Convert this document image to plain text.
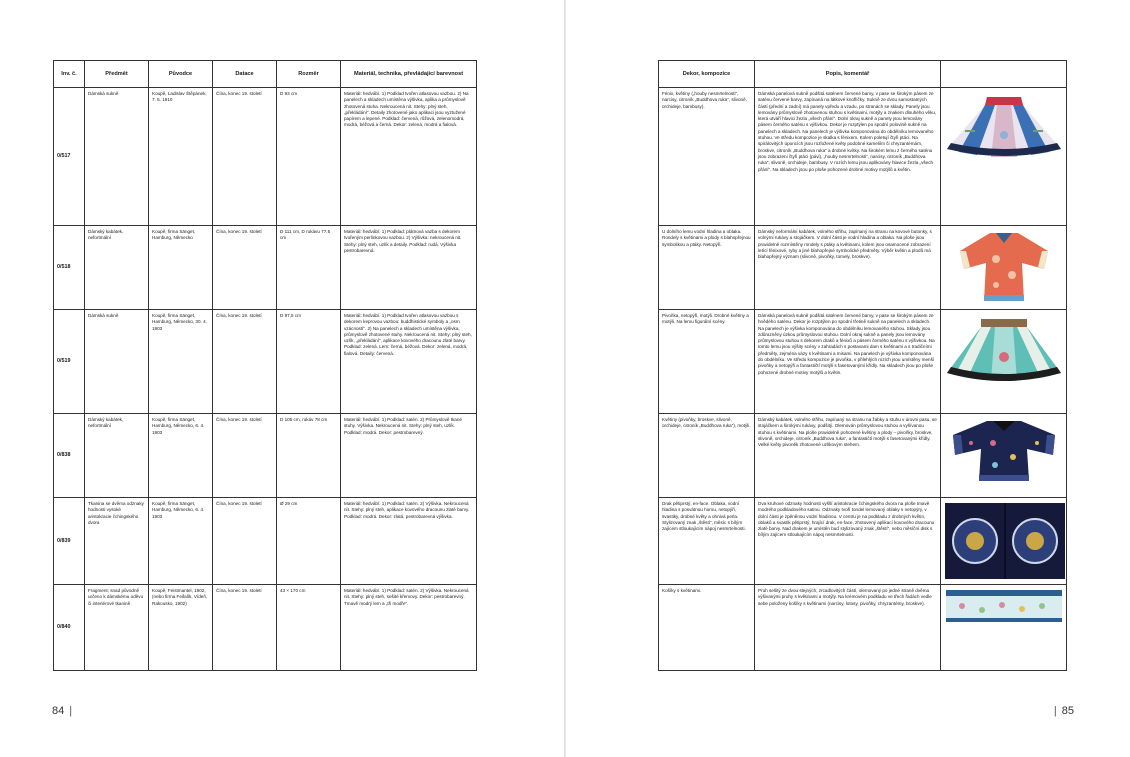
Inv. č.	Předmět	Původce	Datace	Rozměr	Materiál, technika, převládající barevnost
0/517	Dámská sukně	Koupě, Ladislav Štěpánek, 7. 5. 1910	Čína, konec 19. století	D 93 cm	Materiál: hedvábí. 1) Podklad tvořen atlasovou vazbou. 2) Na panelech a skladech umístěna výšivka, aplika a průmyslově zhotovená stuha. Nekroucená nit. Stehy: plný steh, „překládání“. Detaily zhotovené jako aplikaci jsou vyztužené papírem a lepené. Podklad: červená, růžová, zelenomodrá, modrá, béžová a černá. Dekor: zelená, modrá a fialová.
0/518	Dámský kabátek, nefortmální	Koupě, firma Sänget, Hamburg, Německo	Čína, konec 19. století	D 111 cm, D rukávu 77,5 cm	Materiál: hedvábí. 1) Podklad: plátnová vazba s dekorem tvořeným perlinkovou vazbou. 2) Výšivka: nekroucená nit. Stehy: plný steh, uzlík a detaily. Podklad: rudá. Výšivka pestrobarevná.
0/519	Dámská sukně	Koupě, firma Sänget, Hamburg, Německo, 30. 4. 1903	Čína, konec 19. století	D 97,5 cm	Materiál: hedvábí. 1) Podklad tvořen atlasovou vazbou s dekorem keprovou vazbou: buddhistické symboly a „osm vzácností“. 2) Na panelech a skladech umístěna výšivka, průmyslově zhotovené stuhy. Nekroucená nit. Stehy: plný steh, uzlík, „překládání“, aplikace kovového dracounu zlaté barvy. Podklad: zelená. Lem: černá, béžová. Dekor: zelená, modrá, fialová. Detaily: červená.
0/838	Dámský kabátek, nefortmální	Koupě, firma Sänget, Hamburg, Německo, 6. 4. 1903	Čína, konec 19. století	D 105 cm, rukáv 78 cm	Materiál: hedvábí. 1) Podklad: satén. 2) Průmyslově tkané stuhy. Výšivka. Nekroucená nit. Stehy: plný steh, uzlík. Podklad: modrá. Dekor: pestrobarevný.
0/839	Tkanina se dvěma odznaky hodnosti vysoké aristokracie čchingského dvora	Koupě, firma Sänget, Hamburg, Německo, 6. 4. 1903	Čína, konec 19. století	Ø 29 cm	Materiál: hedvábí. 1) Podklad: satén. 2) Výšivka. Nekroucená nit. Stehy: plný steh, aplikace kovového dracounu zlaté barvy. Podklad: modrá. Dekor: zlatá, pestrobarevná výšivka.
0/840	Fragment; snad původně určeno k dámskému oděvu či interiérové tkanině	Koupě, Feistmantel, 1902, (nebo firma Feifalík, Vídeň, Rakousko, 1902)	Čína, konec 19. století	43 × 170 cm	Materiál: hedvábí. 1) Podklad: satén. 2) Výšivka. Nekroucená nit. Stehy: plný steh, sešité křemovy. Dekor: pestrobarevný. Tmavě modrý lem a „tři modře“.
84 |
Dekor, kompozice	Popis, komentář	
Fénix, květiny („houby nesmrtelnosti“, narcisy, citroník „Buddhova ruka“, slivoně, orchideje, bambusy).	Dámská panelová sukně podšitá saténem červené barvy, v pase se širokým pásem ze saténu červené barvy, zapínaná na látkové knoflíčky. Sukně ze dvou samostatných částí (přední a zadní) má panely vpředu a vzadu, po stranách se sklady. Panely jsou lemovány průmyslově zhotovenou stuhou s květinami, motýly a znakem dlouhého věku, která utváří hlavici žezla „všech přání“. Dolní okraj sukně a panely jsou lemovány pásem černého saténu s výšivkou. Dekor je rozptýlen po spodní polovině sukně na panelech a skladech. Na panelech je výšivka komponována do obdélníku lemovaného stuhou. Ve středu kompozice je skalka s fénixem. Kolem poletují čtyři ptáci. Na spirálovitých úponcích jsou rozložené květy podobné kameliím či chryzantémám, broskve, citroník „Buddhova ruka“ a drobné kvítky. Na širokém lemu z černého saténu jsou zobrazeni čtyři ptáci (pávi), „houby nesmrtelnosti“, narcisy, citroník „Buddhova ruka“, slivoně, orchideje, bambusy. V rozích lemu jsou aplikovány hlavice žezla „všech přání“. Na skladech jsou po ploše pohozené drobné motivy motýlů a květin.	

U dolního lemu vodní hladina a oblaka. Rondely s květinami a plody s blahopřejnou symbolikou a ptáky. Netopýři.	Dámský neformální kabátek, volného střihu, zapínaný na stranu na kovové butonky, s volnými rukávy a stojáčkem. V dolní části je vodní hladina a oblaka. Na ploše jsou pravidelně rozmístěny rondely s ptáky a květinami, kolem jsou osamocené zobrazení letící fénixové, ryby a jiné blahopřejné symbolické předměty. Výběr květin a plodů má blahopřejný význam (slivoně, pivoňky, tomely, broskve).	

Pivoňka, netopýři, motýli. Drobné květiny a motýli. Na lemu figurální scény.	Dámská panelová sukně podšitá saténem červené barvy, v pase se širokým pásem ze hnědého saténu. Dekor je rozptýlen po spodní třetině sukně na panelech a skladech. Na panelech je výšivka komponována do obdélníku lemovaného stuhou. Sklady jsou zdůrazněny úzkou průmyslovou stuhou. Dolní okraj sukně a panely jsou lemovány průmyslovou stuhou s dekorem draků a fénixů a pásem černého saténu s výšivkou. Na tomto lemu jsou výšity scény v zahradách s postavami dam s květinami a s tradičními předměty, zejména vázy s květinami a misami. Na panelech je výšivka komponována do obdélníku. Ve středu kompozice je pivoňka, v přilehlých rozích jsou umístěny menší pivoňky a netopýři a fantastičtí motýli s fasetovanými křídly. Na skladech jsou po ploše pohozené drobné motivy motýlů a květin.	

Květiny (pivoňky, broskve, slivoně, orchideje, citroník „Buddhova ruka“), motýli.	Dámský kabátek, volného střihu, zapínaný na stranu na žabky a stuhu v úrovni pasu, se stojáčkem a širokými rukávy, podšitý. Olemován průmyslovou stuhou a vyšívanou stuhou s květinami. Na ploše pravidelně pohozené květiny a plody – pivoňky, broskve, slivoně, orchideje, citroník „Buddhova ruka“, a fantastičtí motýli s fasetovanými křídly. Velké květy pivoněk zhotovené uzlíkovým stehem.	

Drak pětiprstý, en-face. Oblaka, vodní hladina s posvátnou horou, netopýři, svastiky, drobné květy a ohnivá perla. Stylizovaný znak „štěstí“, měsíc s bílým zajícem stloukajícím nápoj nesmrtelnosti.	Dva kruhové odznaky hodnosti vyšší aristokracie čchingského dvora na ploše tmavě modrého podkladového satinu. Odznaky tvoří tondel lemovaný oblaky s netopýry, v dolní části je zpěněnou vodní hladinou. V centru je na podkladu z drobných květin, oblaků a svastik pětiprstý, hrající drak, en-face, zhotovený aplikací kovového dracounu zlaté barvy. Nad drakem je umístěn buď stylizovaný znak „štěstí“, nebo měsíční disk s bílým zajícem stloukajícím nápoj nesmrtelnosti.	

Košíky s květinami.	Pruh sešitý ze dvou stejných, zrcadlovitých částí, olemovaný po jedné straně dvěma výšivanými pruhy s květinami a motýly. Na krémovém podkladu ve třech řadách vedle sebe položeny košíky s květinami (narcisy, lotosy, pivoňky, chryzantémy, broskve).	
| 85
